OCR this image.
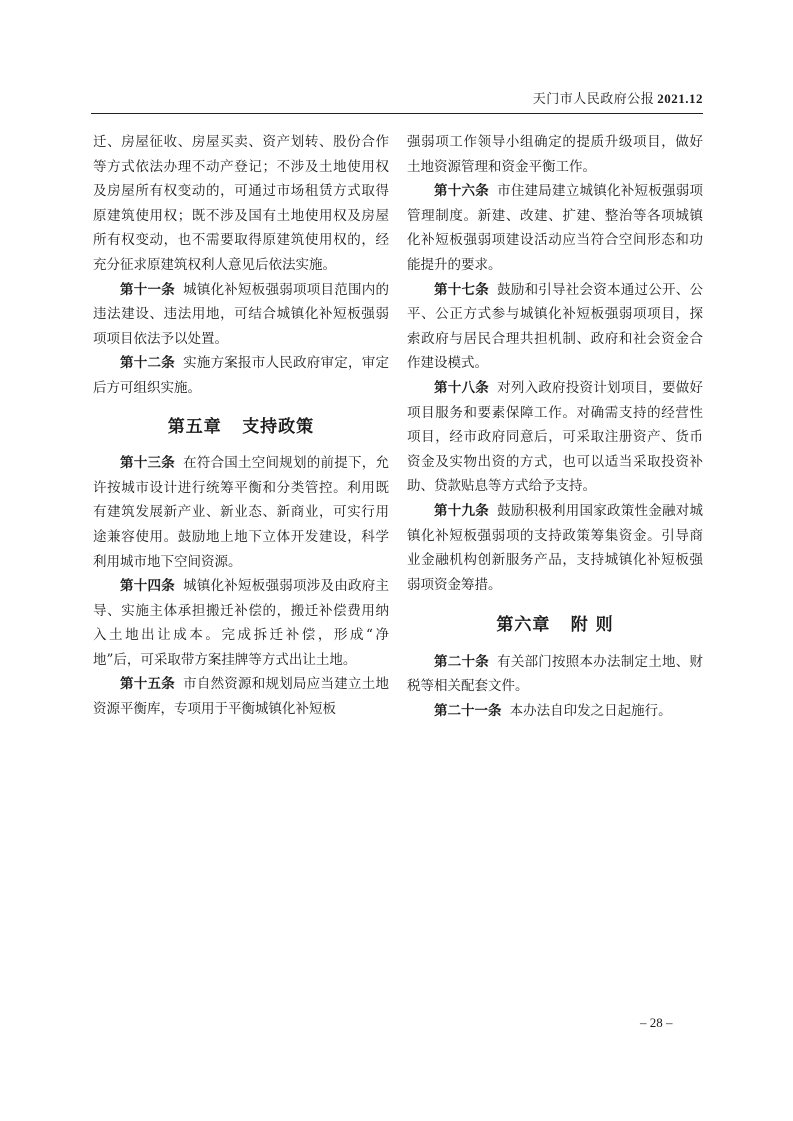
天门市人民政府公报 2021.12

迁、房屋征收、房屋买卖、资产划转、股份合作等方式依法办理不动产登记；不涉及土地使用权及房屋所有权变动的，可通过市场租赁方式取得原建筑使用权；既不涉及国有土地使用权及房屋所有权变动，也不需要取得原建筑使用权的，经充分征求原建筑权利人意见后依法实施。

第十一条 城镇化补短板强弱项项目范围内的违法建设、违法用地，可结合城镇化补短板强弱项项目依法予以处置。

第十二条 实施方案报市人民政府审定，审定后方可组织实施。

第五章 支持政策

第十三条 在符合国土空间规划的前提下，允许按城市设计进行统筹平衡和分类管控。利用既有建筑发展新产业、新业态、新商业，可实行用途兼容使用。鼓励地上地下立体开发建设，科学利用城市地下空间资源。

第十四条 城镇化补短板强弱项涉及由政府主导、实施主体承担搬迁补偿的，搬迁补偿费用纳入土地出让成本。完成拆迁补偿，形成“净地”后，可采取带方案挂牌等方式出让土地。

第十五条 市自然资源和规划局应当建立土地资源平衡库，专项用于平衡城镇化补短板

强弱项工作领导小组确定的提质升级项目，做好土地资源管理和资金平衡工作。

第十六条 市住建局建立城镇化补短板强弱项管理制度。新建、改建、扩建、整治等各项城镇化补短板强弱项建设活动应当符合空间形态和功能提升的要求。

第十七条 鼓励和引导社会资本通过公开、公平、公正方式参与城镇化补短板强弱项项目，探索政府与居民合理共担机制、政府和社会资金合作建设模式。

第十八条 对列入政府投资计划项目，要做好项目服务和要素保障工作。对确需支持的经营性项目，经市政府同意后，可采取注册资产、货币资金及实物出资的方式，也可以适当采取投资补助、贷款贴息等方式给予支持。

第十九条 鼓励积极利用国家政策性金融对城镇化补短板强弱项的支持政策筹集资金。引导商业金融机构创新服务产品，支持城镇化补短板强弱项资金筹措。

第六章 附 则

第二十条 有关部门按照本办法制定土地、财税等相关配套文件。

第二十一条 本办法自印发之日起施行。

– 28 –
